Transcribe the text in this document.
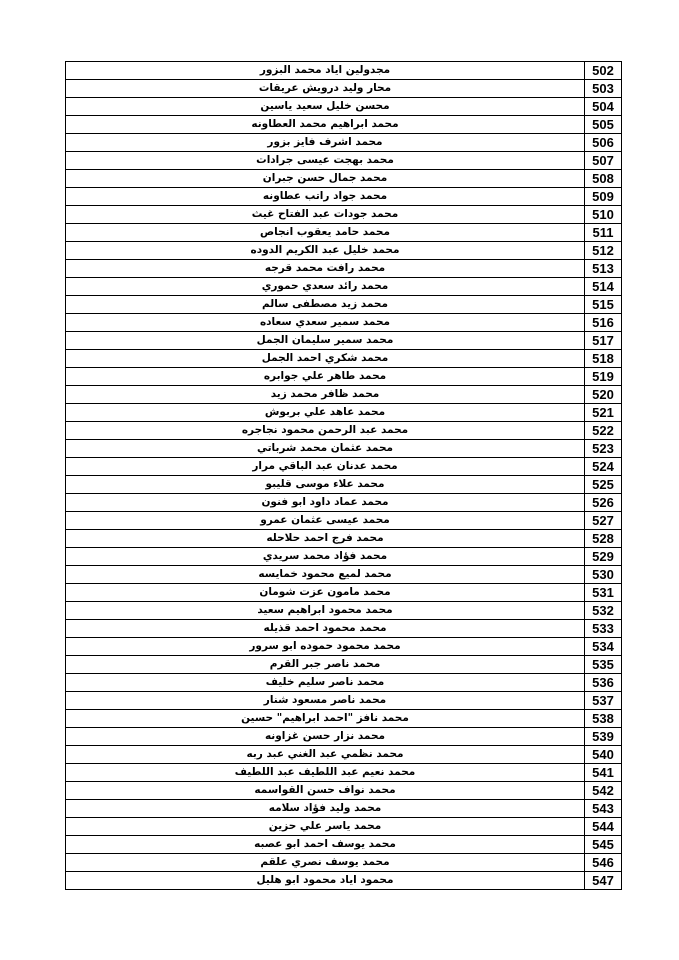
مجدولين اياد محمد البزور	502
محار وليد درويش عريقات	503
محسن خليل سعيد ياسين	504
محمد ابراهيم محمد العطاونه	505
محمد اشرف فايز بزور	506
محمد بهجت عيسى جرادات	507
محمد جمال حسن جبران	508
محمد جواد راتب عطاونه	509
محمد جودات عبد الفتاح غيث	510
محمد حامد يعقوب انجاص	511
محمد خليل عبد الكريم الدوده	512
محمد رافت محمد قرجه	513
محمد رائد سعدي حموري	514
محمد زيد مصطفى سالم	515
محمد سمير سعدي سعاده	516
محمد سمير سليمان الجمل	517
محمد شكري احمد الجمل	518
محمد طاهر علي جوابره	519
محمد ظافر محمد زيد	520
محمد عاهد علي بربوش	521
محمد عبد الرحمن محمود نجاجره	522
محمد عثمان محمد شرباتي	523
محمد عدنان عبد الباقي مرار	524
محمد علاء موسى قليبو	525
محمد عماد داود ابو فنون	526
محمد عيسى عثمان عمرو	527
محمد فرج احمد حلاحله	528
محمد فؤاد محمد سريدي	529
محمد لميع محمود خمايسه	530
محمد مامون عزت شومان	531
محمد محمود ابراهيم سعيد	532
محمد محمود احمد قذيله	533
محمد محمود حموده ابو سرور	534
محمد ناصر جبر القرم	535
محمد ناصر سليم خليف	536
محمد ناصر مسعود شنار	537
محمد نافز "احمد ابراهيم" حسين	538
محمد نزار حسن غزاونه	539
محمد نظمي عبد الغني عبد ربه	540
محمد نعيم عبد اللطيف عبد اللطيف	541
محمد نواف حسن القواسمه	542
محمد وليد فؤاد سلامه	543
محمد ياسر علي حزين	544
محمد يوسف احمد ابو عصبه	545
محمد يوسف نصري علقم	546
محمود اياد محمود ابو هليل	547
